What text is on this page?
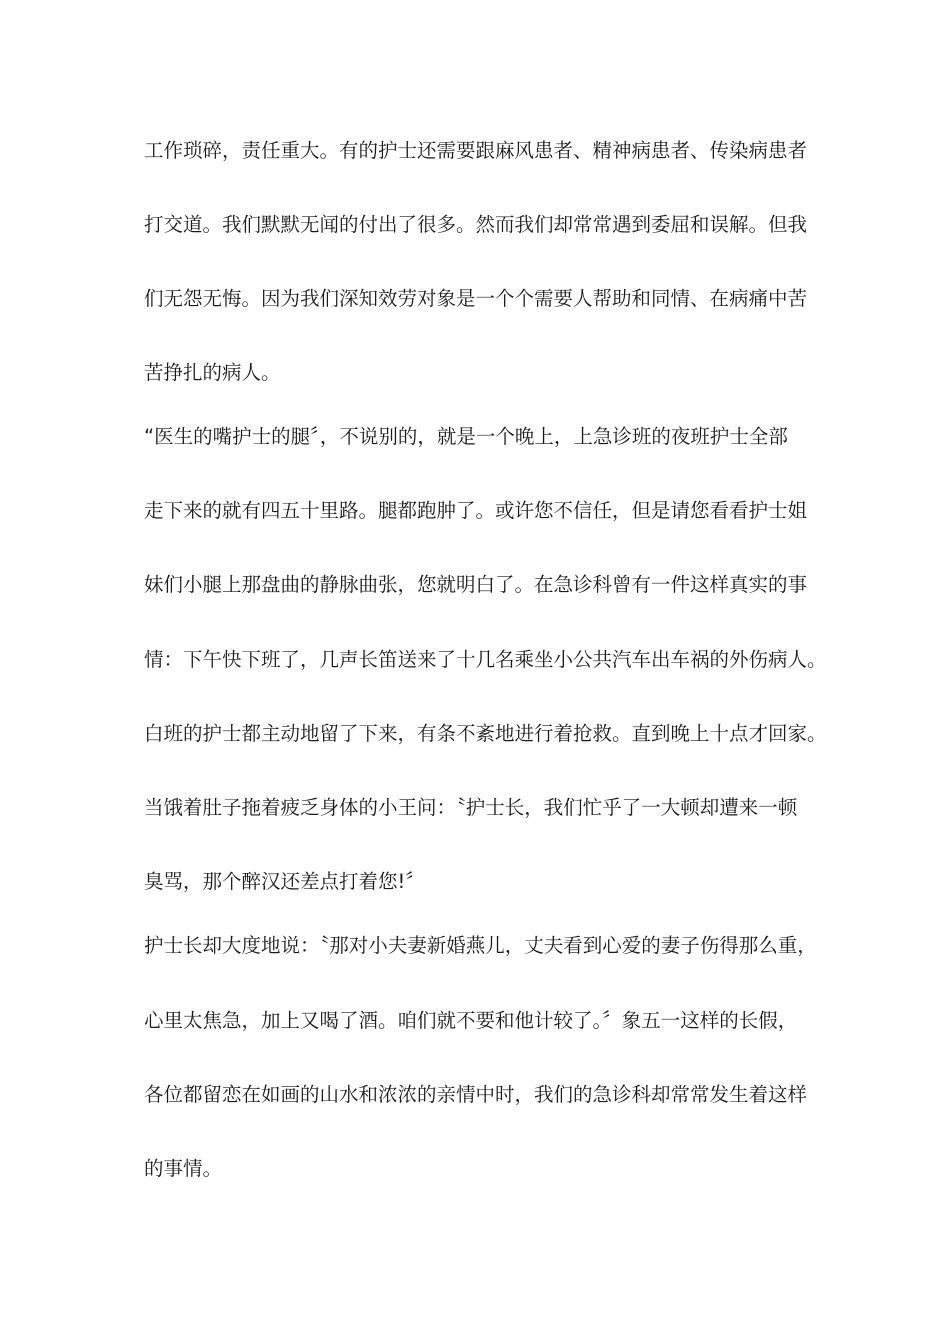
工作琐碎，责任重大。有的护士还需要跟麻风患者、精神病患者、传染病患者
打交道。我们默默无闻的付出了很多。然而我们却常常遇到委屈和误解。但我
们无怨无悔。因为我们深知效劳对象是一个个需要人帮助和同情、在病痛中苦
苦挣扎的病人。
“医生的嘴护士的腿〞，不说别的，就是一个晚上，上急诊班的夜班护士全部
走下来的就有四五十里路。腿都跑肿了。或许您不信任，但是请您看看护士姐
妹们小腿上那盘曲的静脉曲张，您就明白了。在急诊科曾有一件这样真实的事
情：下午快下班了，几声长笛送来了十几名乘坐小公共汽车出车祸的外伤病人。
白班的护士都主动地留了下来，有条不紊地进行着抢救。直到晚上十点才回家。
当饿着肚子拖着疲乏身体的小王问：〝护士长，我们忙乎了一大顿却遭来一顿
臭骂，那个醉汉还差点打着您!〞
护士长却大度地说：〝那对小夫妻新婚燕儿，丈夫看到心爱的妻子伤得那么重，
心里太焦急，加上又喝了酒。咱们就不要和他计较了。〞象五一这样的长假，
各位都留恋在如画的山水和浓浓的亲情中时，我们的急诊科却常常发生着这样
的事情。
